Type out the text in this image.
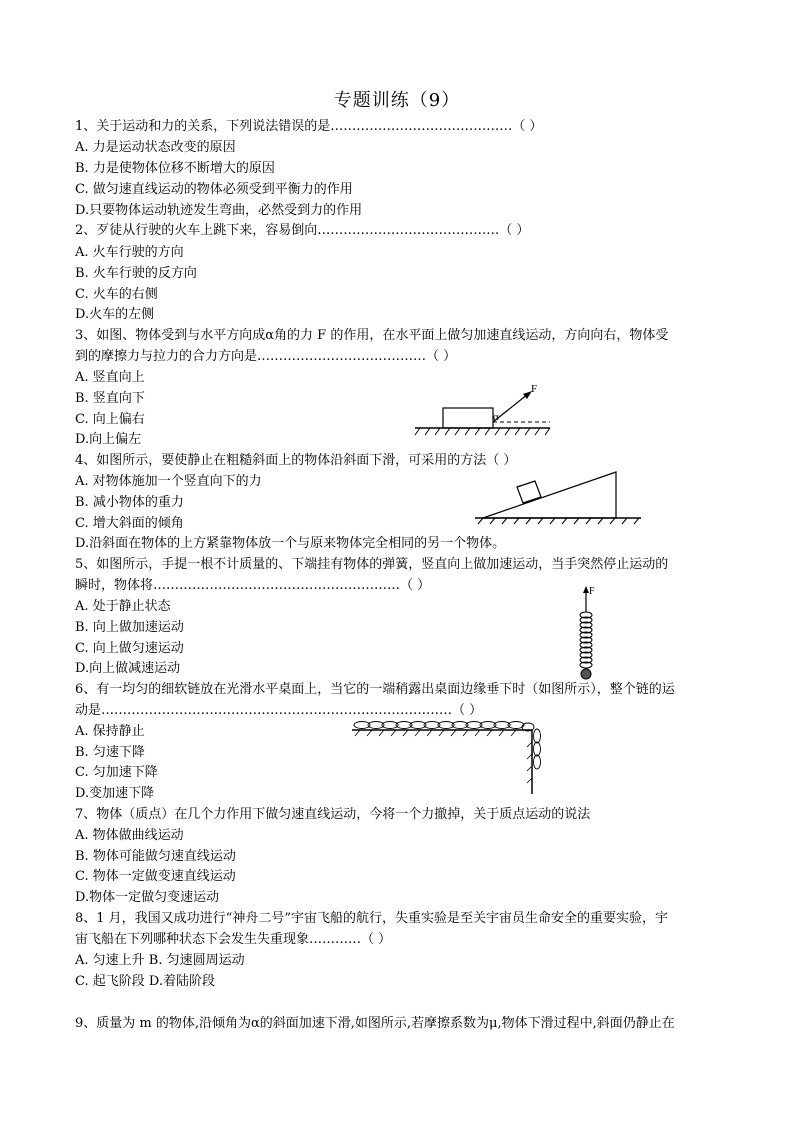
专题训练（9）
1、关于运动和力的关系，下列说法错误的是……………………………………（ ）
A. 力是运动状态改变的原因
B. 力是使物体位移不断增大的原因
C. 做匀速直线运动的物体必须受到平衡力的作用
D.只要物体运动轨迹发生弯曲，必然受到力的作用
2、歹徒从行驶的火车上跳下来，容易倒向……………………………………（ ）
A. 火车行驶的方向
B. 火车行驶的反方向
C. 火车的右侧
D.火车的左侧
3、如图、物体受到与水平方向成α角的力 F 的作用，在水平面上做匀加速直线运动，方向向右，物体受
到的摩擦力与拉力的合力方向是…………………………………（ ）
A. 竖直向上
B. 竖直向下
C. 向上偏右
D.向上偏左
4、如图所示，要使静止在粗糙斜面上的物体沿斜面下滑，可采用的方法（ ）
A. 对物体施加一个竖直向下的力
B. 减小物体的重力
C. 增大斜面的倾角
D.沿斜面在物体的上方紧靠物体放一个与原来物体完全相同的另一个物体。
5、如图所示，手提一根不计质量的、下端挂有物体的弹簧，竖直向上做加速运动，当手突然停止运动的
瞬时，物体将…………………………………………………（ ）
A. 处于静止状态
B. 向上做加速运动
C. 向上做匀速运动
D.向上做减速运动
6、有一均匀的细软链放在光滑水平桌面上，当它的一端稍露出桌面边缘垂下时（如图所示），整个链的运
动是………………………………………………………………………（ ）
A. 保持静止
B. 匀速下降
C. 匀加速下降
D.变加速下降
7、物体（质点）在几个力作用下做匀速直线运动，今将一个力撤掉，关于质点运动的说法
A. 物体做曲线运动
B. 物体可能做匀速直线运动
C. 物体一定做变速直线运动
D.物体一定做匀变速运动
8、1 月，我国又成功进行“神舟二号”宇宙飞船的航行，失重实验是至关宇宙员生命安全的重要实验，宇
宙飞船在下列哪种状态下会发生失重现象…………（ ）
A. 匀速上升 B. 匀速圆周运动
C. 起飞阶段 D.着陆阶段
9、质量为 m 的物体,沿倾角为α的斜面加速下滑,如图所示,若摩擦系数为μ,物体下滑过程中,斜面仍静止在
F
α
F
